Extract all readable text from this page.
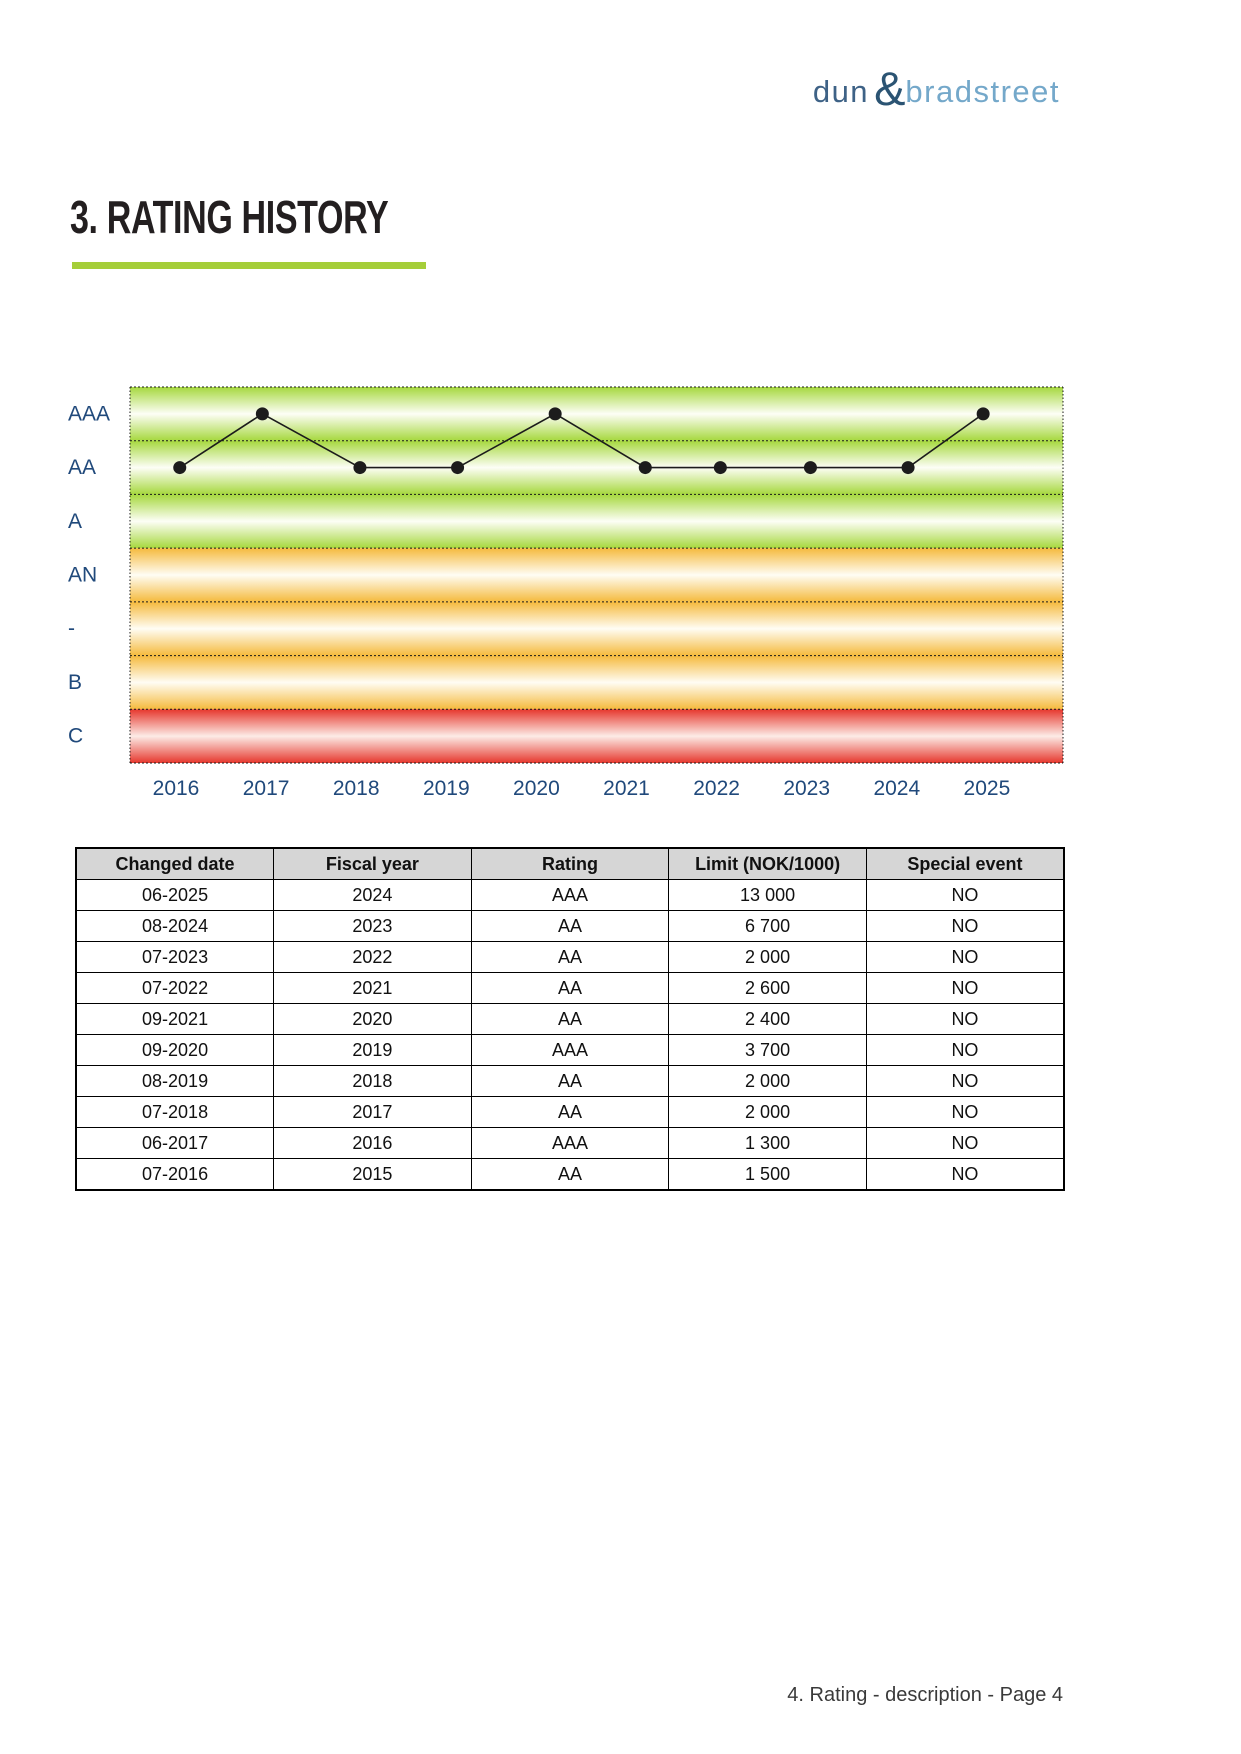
dun & bradstreet
3. RATING HISTORY
AAA
AA
A
AN
-
B
C
2016 2017 2018 2019 2020 2021 2022 2023 2024 2025
Changed date	Fiscal year	Rating	Limit (NOK/1000)	Special event
06-2025	2024	AAA	13 000	NO
08-2024	2023	AA	6 700	NO
07-2023	2022	AA	2 000	NO
07-2022	2021	AA	2 600	NO
09-2021	2020	AA	2 400	NO
09-2020	2019	AAA	3 700	NO
08-2019	2018	AA	2 000	NO
07-2018	2017	AA	2 000	NO
06-2017	2016	AAA	1 300	NO
07-2016	2015	AA	1 500	NO
4. Rating - description - Page 4
